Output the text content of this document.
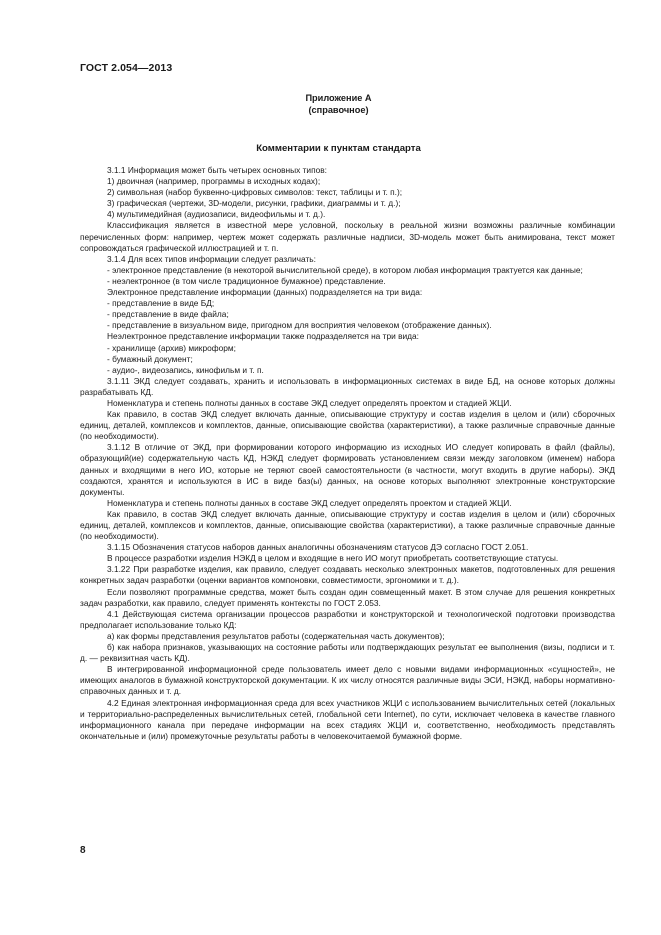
ГОСТ 2.054—2013
Приложение А
(справочное)
Комментарии к пунктам стандарта

3.1.1 Информация может быть четырех основных типов:

1) двоичная (например, программы в исходных кодах);

2) символьная (набор буквенно-цифровых символов: текст, таблицы и т. п.);

3) графическая (чертежи, 3D-модели, рисунки, графики, диаграммы и т. д.);

4) мультимедийная (аудиозаписи, видеофильмы и т. д.).

Классификация является в известной мере условной, поскольку в реальной жизни возможны различные комбинации перечисленных форм: например, чертеж может содержать различные надписи, 3D-модель может быть анимирована, текст может сопровождаться графической иллюстрацией и т. п.

3.1.4 Для всех типов информации следует различать:

- электронное представление (в некоторой вычислительной среде), в котором любая информация трактуется как данные;

- неэлектронное (в том числе традиционное бумажное) представление.

Электронное представление информации (данных) подразделяется на три вида:

- представление в виде БД;

- представление в виде файла;

- представление в визуальном виде, пригодном для восприятия человеком (отображение данных).

Неэлектронное представление информации также подразделяется на три вида:

- хранилище (архив) микроформ;

- бумажный документ;

- аудио-, видеозапись, кинофильм и т. п.

3.1.11 ЭКД следует создавать, хранить и использовать в информационных системах в виде БД, на основе которых должны разрабатывать КД.

Номенклатура и степень полноты данных в составе ЭКД следует определять проектом и стадией ЖЦИ.

Как правило, в состав ЭКД следует включать данные, описывающие структуру и состав изделия в целом и (или) сборочных единиц, деталей, комплексов и комплектов, данные, описывающие свойства (характеристики), а также различные справочные данные (по необходимости).

3.1.12 В отличие от ЭКД, при формировании которого информацию из исходных ИО следует копировать в файл (файлы), образующий(ие) содержательную часть КД, НЭКД следует формировать установлением связи между заголовком (именем) набора данных и входящими в него ИО, которые не теряют своей самостоятельности (в частности, могут входить в другие наборы). ЭКД создаются, хранятся и используются в ИС в виде баз(ы) данных, на основе которых выполняют электронные конструкторские документы.

Номенклатура и степень полноты данных в составе ЭКД следует определять проектом и стадией ЖЦИ.

Как правило, в состав ЭКД следует включать данные, описывающие структуру и состав изделия в целом и (или) сборочных единиц, деталей, комплексов и комплектов, данные, описывающие свойства (характеристики), а также различные справочные данные (по необходимости).

3.1.15 Обозначения статусов наборов данных аналогичны обозначениям статусов ДЭ согласно ГОСТ 2.051.

В процессе разработки изделия НЭКД в целом и входящие в него ИО могут приобретать соответствующие статусы.

3.1.22 При разработке изделия, как правило, следует создавать несколько электронных макетов, подготовленных для решения конкретных задач разработки (оценки вариантов компоновки, совместимости, эргономики и т. д.).

Если позволяют программные средства, может быть создан один совмещенный макет. В этом случае для решения конкретных задач разработки, как правило, следует применять контексты по ГОСТ 2.053.

4.1 Действующая система организации процессов разработки и конструкторской и технологической подготовки производства предполагает использование только КД:

а) как формы представления результатов работы (содержательная часть документов);

б) как набора признаков, указывающих на состояние работы или подтверждающих результат ее выполнения (визы, подписи и т. д. — реквизитная часть КД).

В интегрированной информационной среде пользователь имеет дело с новыми видами информационных «сущностей», не имеющих аналогов в бумажной конструкторской документации. К их числу относятся различные виды ЭСИ, НЭКД, наборы нормативно-справочных данных и т. д.

4.2 Единая электронная информационная среда для всех участников ЖЦИ с использованием вычислительных сетей (локальных и территориально-распределенных вычислительных сетей, глобальной сети Internet), по сути, исключает человека в качестве главного информационного канала при передаче информации на всех стадиях ЖЦИ и, соответственно, необходимость представлять окончательные и (или) промежуточные результаты работы в человекочитаемой бумажной форме.

8
